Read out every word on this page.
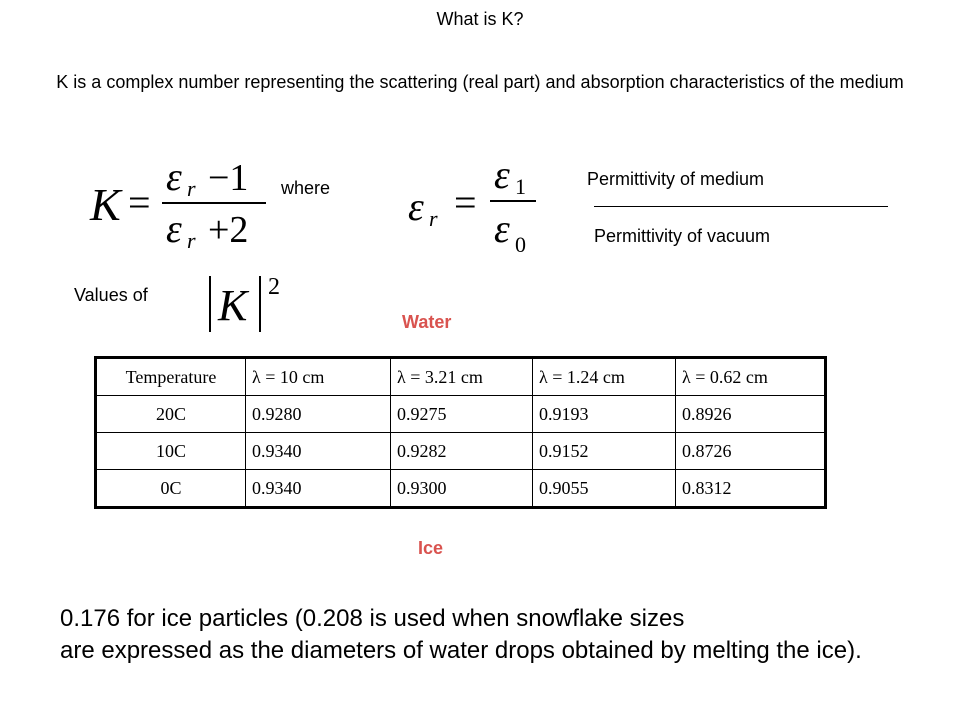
What is K?
K is a complex number representing the scattering (real part) and absorption characteristics of the medium
K =
ε r −1
ε r +2
where ε r =
ε 1
ε 0
Permittivity of medium
Permittivity of vacuum
Values of K 2
Water
Temperature	λ = 10 cm	λ = 3.21 cm	λ = 1.24 cm	λ = 0.62 cm
20C	0.9280	0.9275	0.9193	0.8926
10C	0.9340	0.9282	0.9152	0.8726
0C	0.9340	0.9300	0.9055	0.8312
Ice
0.176 for ice particles (0.208 is used when snowflake sizes
are expressed as the diameters of water drops obtained by melting the ice).
